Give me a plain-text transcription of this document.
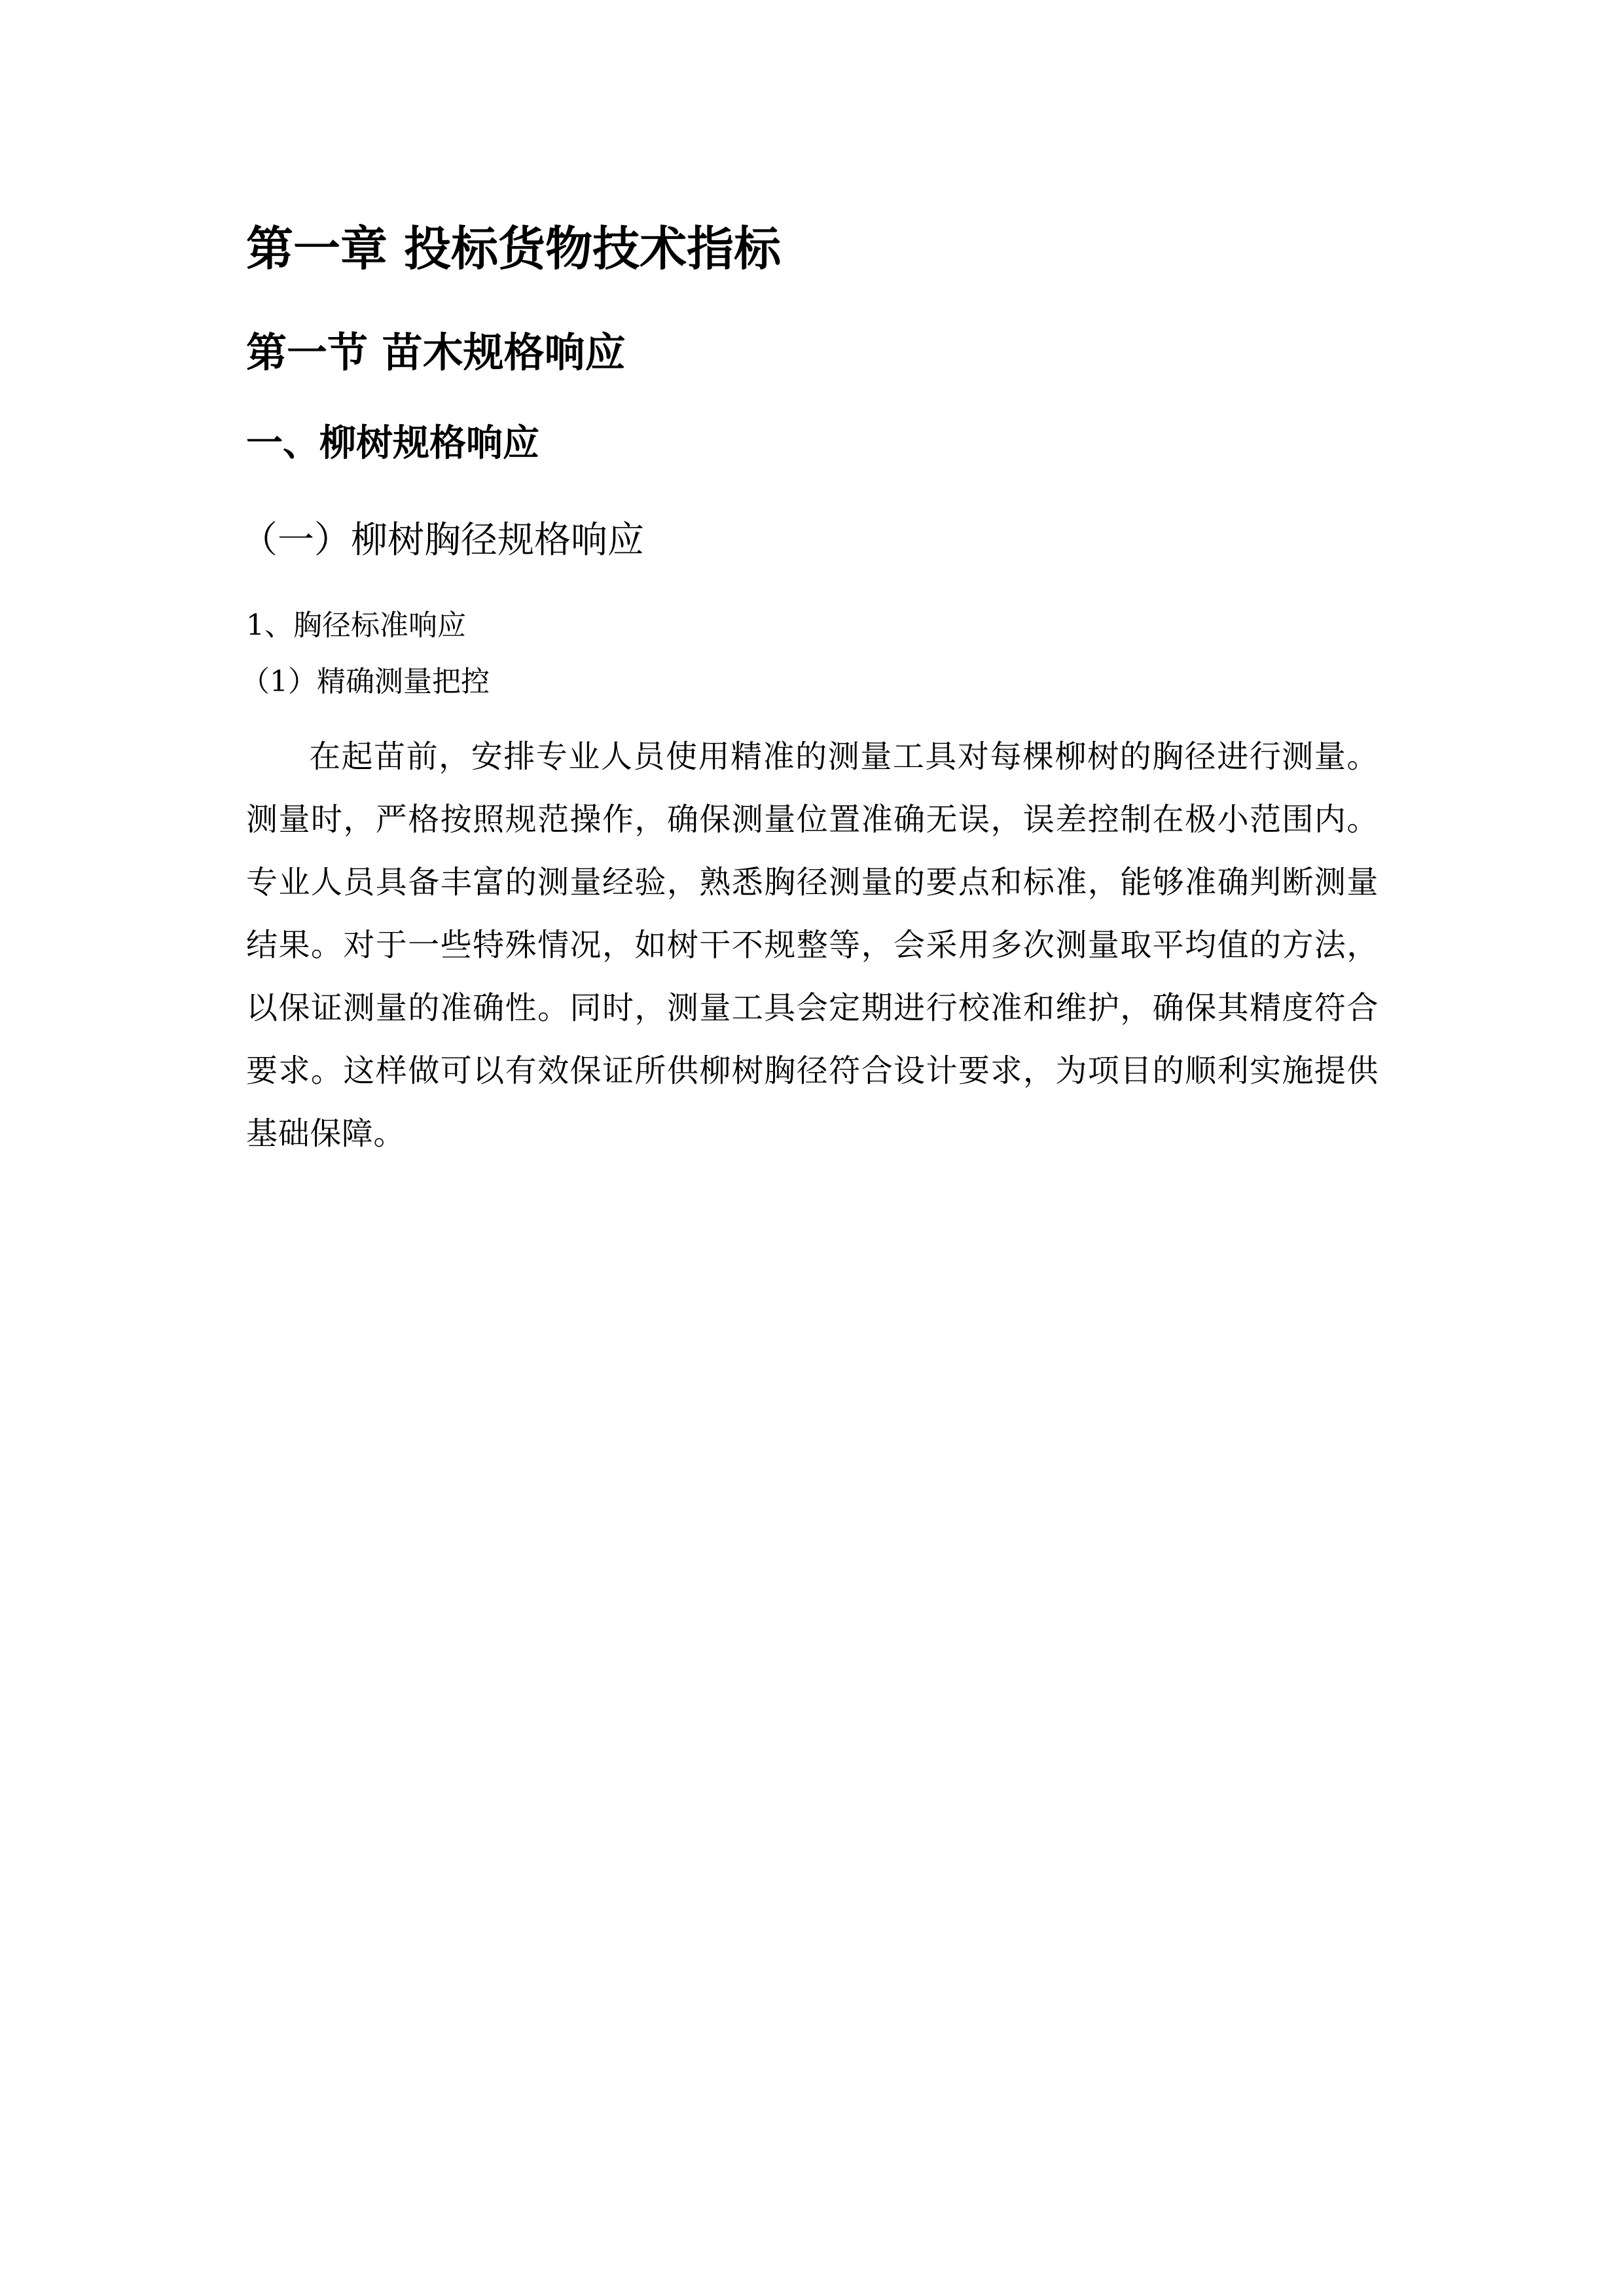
第一章 投标货物技术指标
第一节 苗木规格响应
一、柳树规格响应
（一）柳树胸径规格响应
1、胸径标准响应
（1）精确测量把控

在起苗前，安排专业人员使用精准的测量工具对每棵柳树的胸径进行测量。测量时，严格按照规范操作，确保测量位置准确无误，误差控制在极小范围内。专业人员具备丰富的测量经验，熟悉胸径测量的要点和标准，能够准确判断测量结果。对于一些特殊情况，如树干不规整等，会采用多次测量取平均值的方法，以保证测量的准确性。同时，测量工具会定期进行校准和维护，确保其精度符合要求。这样做可以有效保证所供柳树胸径符合设计要求，为项目的顺利实施提供基础保障。
